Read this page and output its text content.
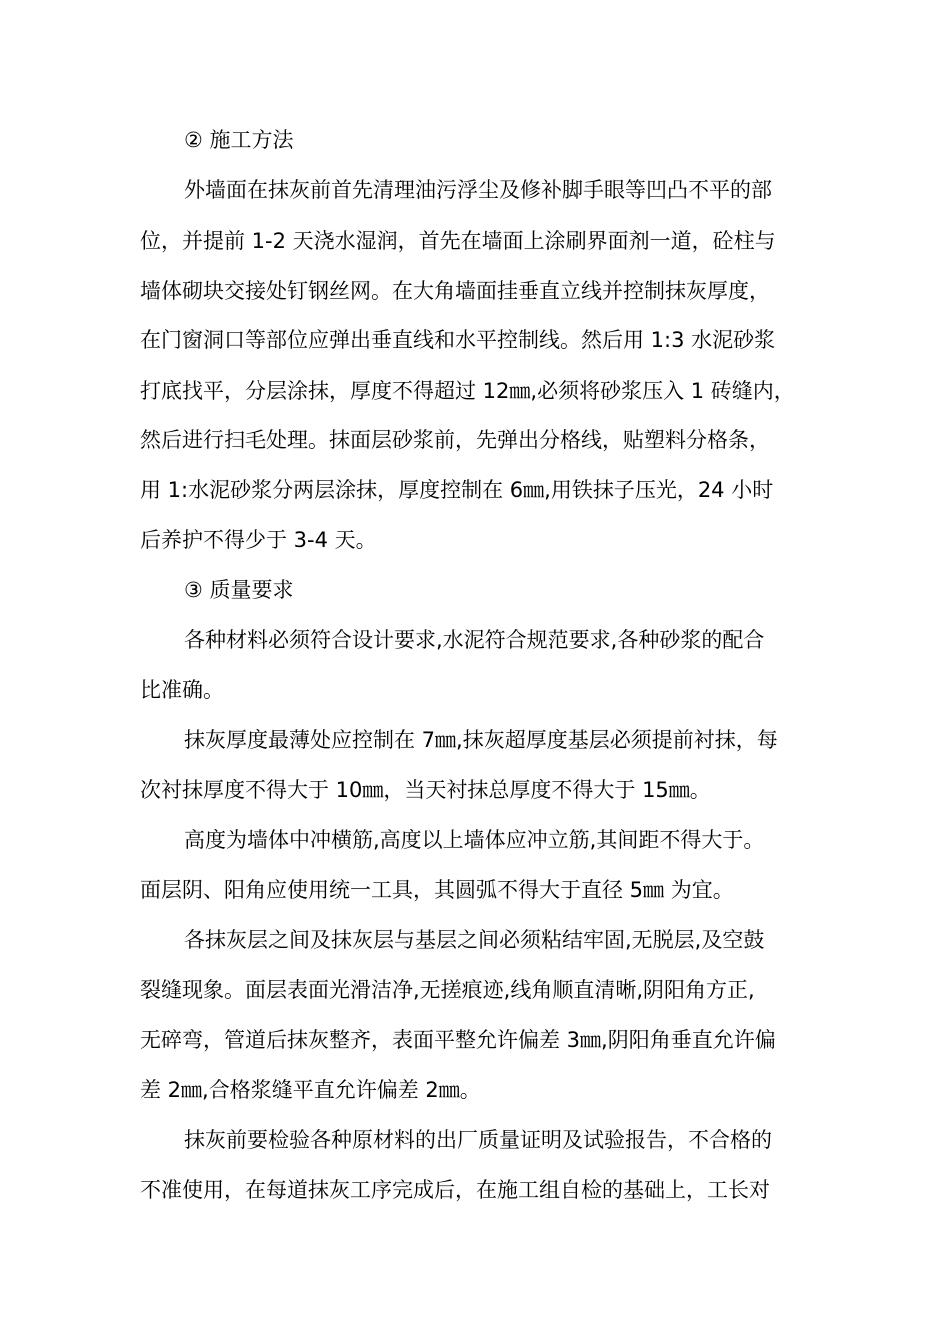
② 施工方法
外墙面在抹灰前首先清理油污浮尘及修补脚手眼等凹凸不平的部
位，并提前 1-2 天浇水湿润，首先在墙面上涂刷界面剂一道，砼柱与
墙体砌块交接处钉钢丝网。在大角墙面挂垂直立线并控制抹灰厚度，
在门窗洞口等部位应弹出垂直线和水平控制线。然后用 1:3 水泥砂浆
打底找平，分层涂抹，厚度不得超过 12㎜,必须将砂浆压入 1 砖缝内，
然后进行扫毛处理。抹面层砂浆前，先弹出分格线，贴塑料分格条，
用 1:水泥砂浆分两层涂抹，厚度控制在 6㎜,用铁抹子压光，24 小时
后养护不得少于 3-4 天。
③ 质量要求
各种材料必须符合设计要求,水泥符合规范要求,各种砂浆的配合
比准确。
抹灰厚度最薄处应控制在 7㎜,抹灰超厚度基层必须提前衬抹，每
次衬抹厚度不得大于 10㎜，当天衬抹总厚度不得大于 15㎜。
高度为墙体中冲横筋,高度以上墙体应冲立筋,其间距不得大于。
面层阴、阳角应使用统一工具，其圆弧不得大于直径 5㎜ 为宜。
各抹灰层之间及抹灰层与基层之间必须粘结牢固,无脱层,及空鼓
裂缝现象。面层表面光滑洁净,无搓痕迹,线角顺直清晰,阴阳角方正,
无碎弯，管道后抹灰整齐，表面平整允许偏差 3㎜,阴阳角垂直允许偏
差 2㎜,合格浆缝平直允许偏差 2㎜。
抹灰前要检验各种原材料的出厂质量证明及试验报告，不合格的
不准使用，在每道抹灰工序完成后，在施工组自检的基础上，工长对
